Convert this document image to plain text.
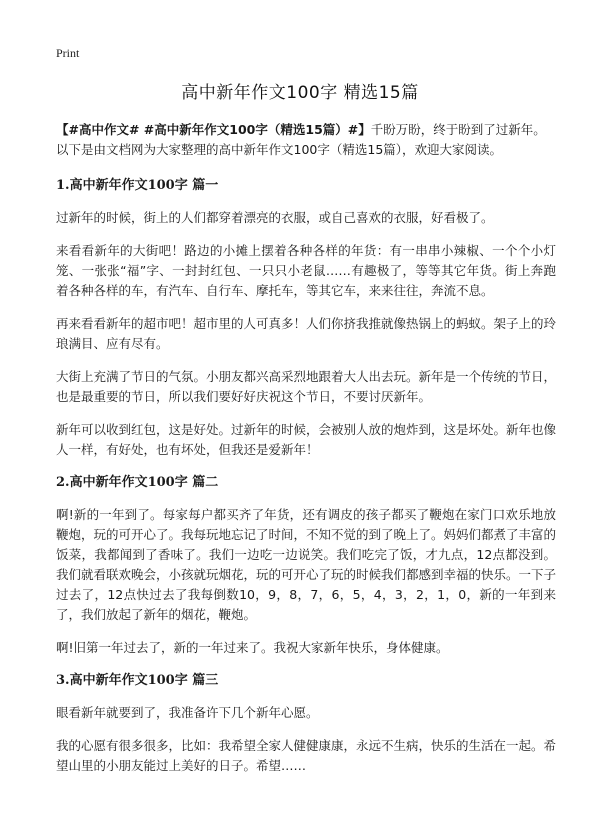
Print
高中新年作文100字 精选15篇

【#高中作文# #高中新年作文100字（精选15篇）#】千盼万盼，终于盼到了过新年。以下是由文档网为大家整理的高中新年作文100字（精选15篇），欢迎大家阅读。

1.高中新年作文100字 篇一

过新年的时候，街上的人们都穿着漂亮的衣服，或自己喜欢的衣服，好看极了。

来看看新年的大街吧！路边的小摊上摆着各种各样的年货：有一串串小辣椒、一个个小灯笼、一张张“福”字、一封封红包、一只只小老鼠……有趣极了，等等其它年货。街上奔跑着各种各样的车，有汽车、自行车、摩托车，等其它车，来来往往，奔流不息。

再来看看新年的超市吧！超市里的人可真多！人们你挤我推就像热锅上的蚂蚁。架子上的玲琅满目、应有尽有。

大街上充满了节日的气氛。小朋友都兴高采烈地跟着大人出去玩。新年是一个传统的节日，也是最重要的节日，所以我们要好好庆祝这个节日，不要讨厌新年。

新年可以收到红包，这是好处。过新年的时候，会被别人放的炮炸到，这是坏处。新年也像人一样，有好处，也有坏处，但我还是爱新年！

2.高中新年作文100字 篇二

啊!新的一年到了。每家每户都买齐了年货，还有调皮的孩子都买了鞭炮在家门口欢乐地放鞭炮，玩的可开心了。我每玩地忘记了时间，不知不觉的到了晚上了。妈妈们都煮了丰富的饭菜，我都闻到了香味了。我们一边吃一边说笑。我们吃完了饭，才九点，12点都没到。我们就看联欢晚会，小孩就玩烟花，玩的可开心了玩的时候我们都感到幸福的快乐。一下子过去了，12点快过去了我每倒数10，9，8，7，6，5，4，3，2，1，0，新的一年到来了，我们放起了新年的烟花，鞭炮。

啊!旧第一年过去了，新的一年过来了。我祝大家新年快乐，身体健康。

3.高中新年作文100字 篇三

眼看新年就要到了，我准备许下几个新年心愿。

我的心愿有很多很多，比如：我希望全家人健健康康，永远不生病，快乐的生活在一起。希望山里的小朋友能过上美好的日子。希望……
